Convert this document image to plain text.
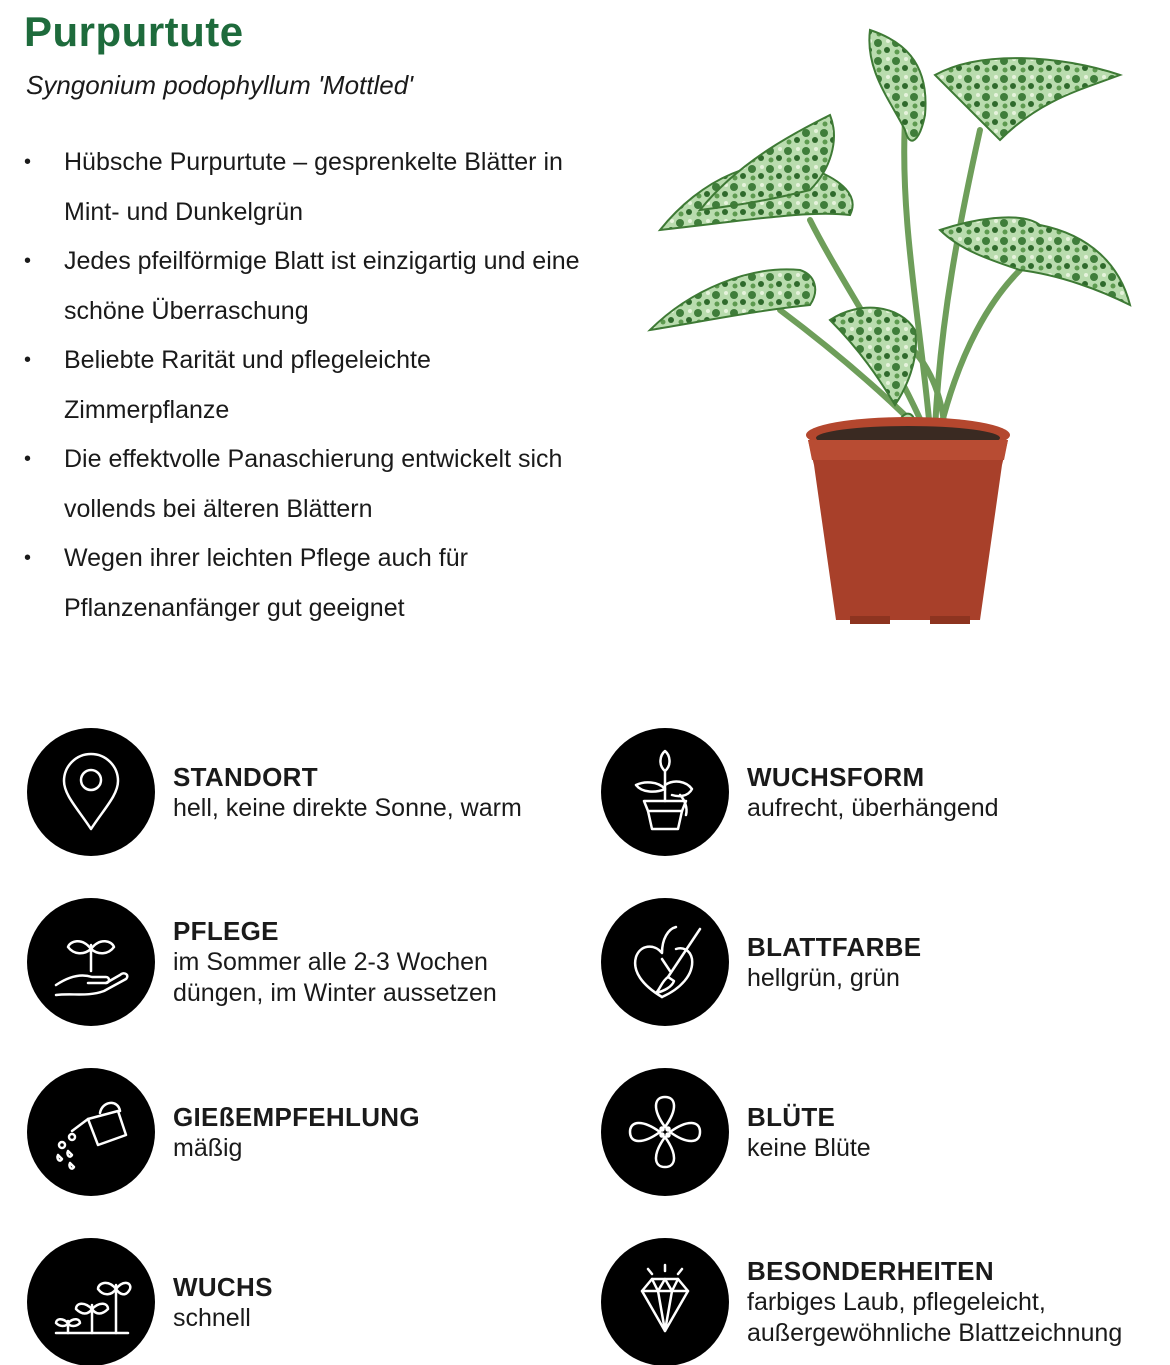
Purpurtute
Syngonium podophyllum 'Mottled'
• Hübsche Purpurtute – gesprenkelte Blätter in Mint- und Dunkelgrün
• Jedes pfeilförmige Blatt ist einzigartig und eine schöne Überraschung
• Beliebte Rarität und pflegeleichte Zimmerpflanze
• Die effektvolle Panaschierung entwickelt sich vollends bei älteren Blättern
• Wegen ihrer leichten Pflege auch für Pflanzenanfänger gut geeignet
STANDORT
hell, keine direkte Sonne, warm
WUCHSFORM
aufrecht, überhängend
PFLEGE
im Sommer alle 2-3 Wochen
düngen, im Winter aussetzen
BLATTFARBE
hellgrün, grün
GIEßEMPFEHLUNG
mäßig
BLÜTE
keine Blüte
WUCHS
schnell
BESONDERHEITEN
farbiges Laub, pflegeleicht,
außergewöhnliche Blattzeichnung
